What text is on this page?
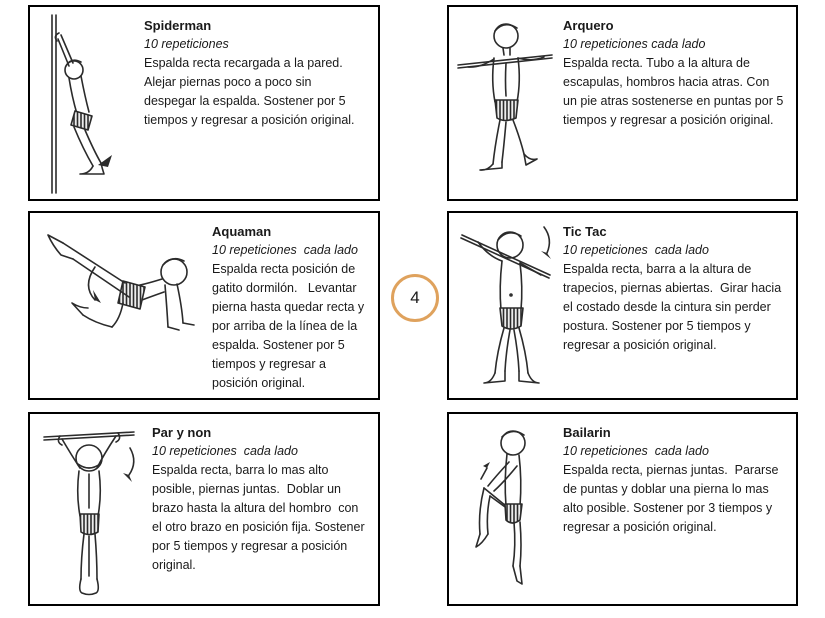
Spiderman
10 repeticiones
Espalda recta recargada a la pared. Alejar piernas poco a poco sin despegar la espalda. Sostener por 5 tiempos y regresar a posición original.
Arquero
10 repeticiones cada lado
Espalda recta. Tubo a la altura de escapulas, hombros hacia atras. Con un pie atras sostenerse en puntas por 5 tiempos y regresar a posición original.
Aquaman
10 repeticiones  cada lado
Espalda recta posición de gatito dormilón.   Levantar pierna hasta quedar recta y por arriba de la línea de la espalda. Sostener por 5 tiempos y regresar a posición original.
Tic Tac
10 repeticiones  cada lado
Espalda recta, barra a la altura de trapecios, piernas abiertas.  Girar hacia el costado desde la cintura sin perder postura. Sostener por 5 tiempos y regresar a posición original.
Par y non
10 repeticiones  cada lado
Espalda recta, barra lo mas alto posible, piernas juntas.  Doblar un brazo hasta la altura del hombro  con el otro brazo en posición fija. Sostener por 5 tiempos y regresar a posición original.
Bailarin
10 repeticiones  cada lado
Espalda recta, piernas juntas.  Pararse de puntas y doblar una pierna lo mas alto posible. Sostener por 3 tiempos y regresar a posición original.
4
